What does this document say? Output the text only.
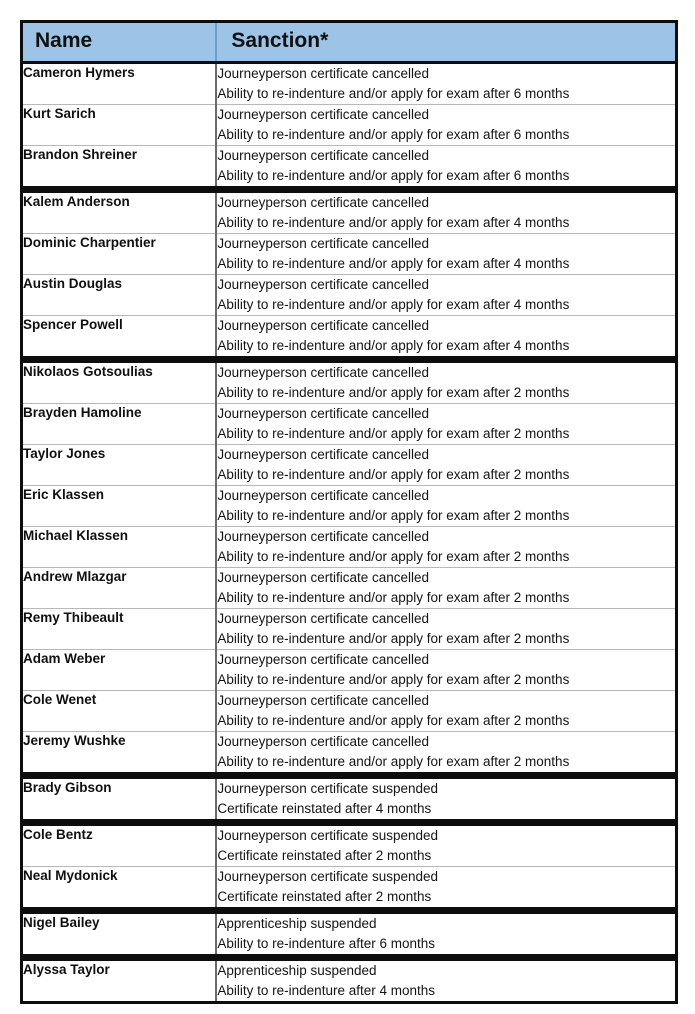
Name	Sanction*
Cameron Hymers	Journeyperson certificate cancelled
Ability to re-indenture and/or apply for exam after 6 months

Kurt Sarich	Journeyperson certificate cancelled
Ability to re-indenture and/or apply for exam after 6 months

Brandon Shreiner	Journeyperson certificate cancelled
Ability to re-indenture and/or apply for exam after 6 months

Kalem Anderson	Journeyperson certificate cancelled
Ability to re-indenture and/or apply for exam after 4 months

Dominic Charpentier	Journeyperson certificate cancelled
Ability to re-indenture and/or apply for exam after 4 months

Austin Douglas	Journeyperson certificate cancelled
Ability to re-indenture and/or apply for exam after 4 months

Spencer Powell	Journeyperson certificate cancelled
Ability to re-indenture and/or apply for exam after 4 months

Nikolaos Gotsoulias	Journeyperson certificate cancelled
Ability to re-indenture and/or apply for exam after 2 months

Brayden Hamoline	Journeyperson certificate cancelled
Ability to re-indenture and/or apply for exam after 2 months

Taylor Jones	Journeyperson certificate cancelled
Ability to re-indenture and/or apply for exam after 2 months

Eric Klassen	Journeyperson certificate cancelled
Ability to re-indenture and/or apply for exam after 2 months

Michael Klassen	Journeyperson certificate cancelled
Ability to re-indenture and/or apply for exam after 2 months

Andrew Mlazgar	Journeyperson certificate cancelled
Ability to re-indenture and/or apply for exam after 2 months

Remy Thibeault	Journeyperson certificate cancelled
Ability to re-indenture and/or apply for exam after 2 months

Adam Weber	Journeyperson certificate cancelled
Ability to re-indenture and/or apply for exam after 2 months

Cole Wenet	Journeyperson certificate cancelled
Ability to re-indenture and/or apply for exam after 2 months

Jeremy Wushke	Journeyperson certificate cancelled
Ability to re-indenture and/or apply for exam after 2 months

Brady Gibson	Journeyperson certificate suspended
Certificate reinstated after 4 months

Cole Bentz	Journeyperson certificate suspended
Certificate reinstated after 2 months

Neal Mydonick	Journeyperson certificate suspended
Certificate reinstated after 2 months

Nigel Bailey	Apprenticeship suspended
Ability to re-indenture after 6 months

Alyssa Taylor	Apprenticeship suspended
Ability to re-indenture after 4 months
